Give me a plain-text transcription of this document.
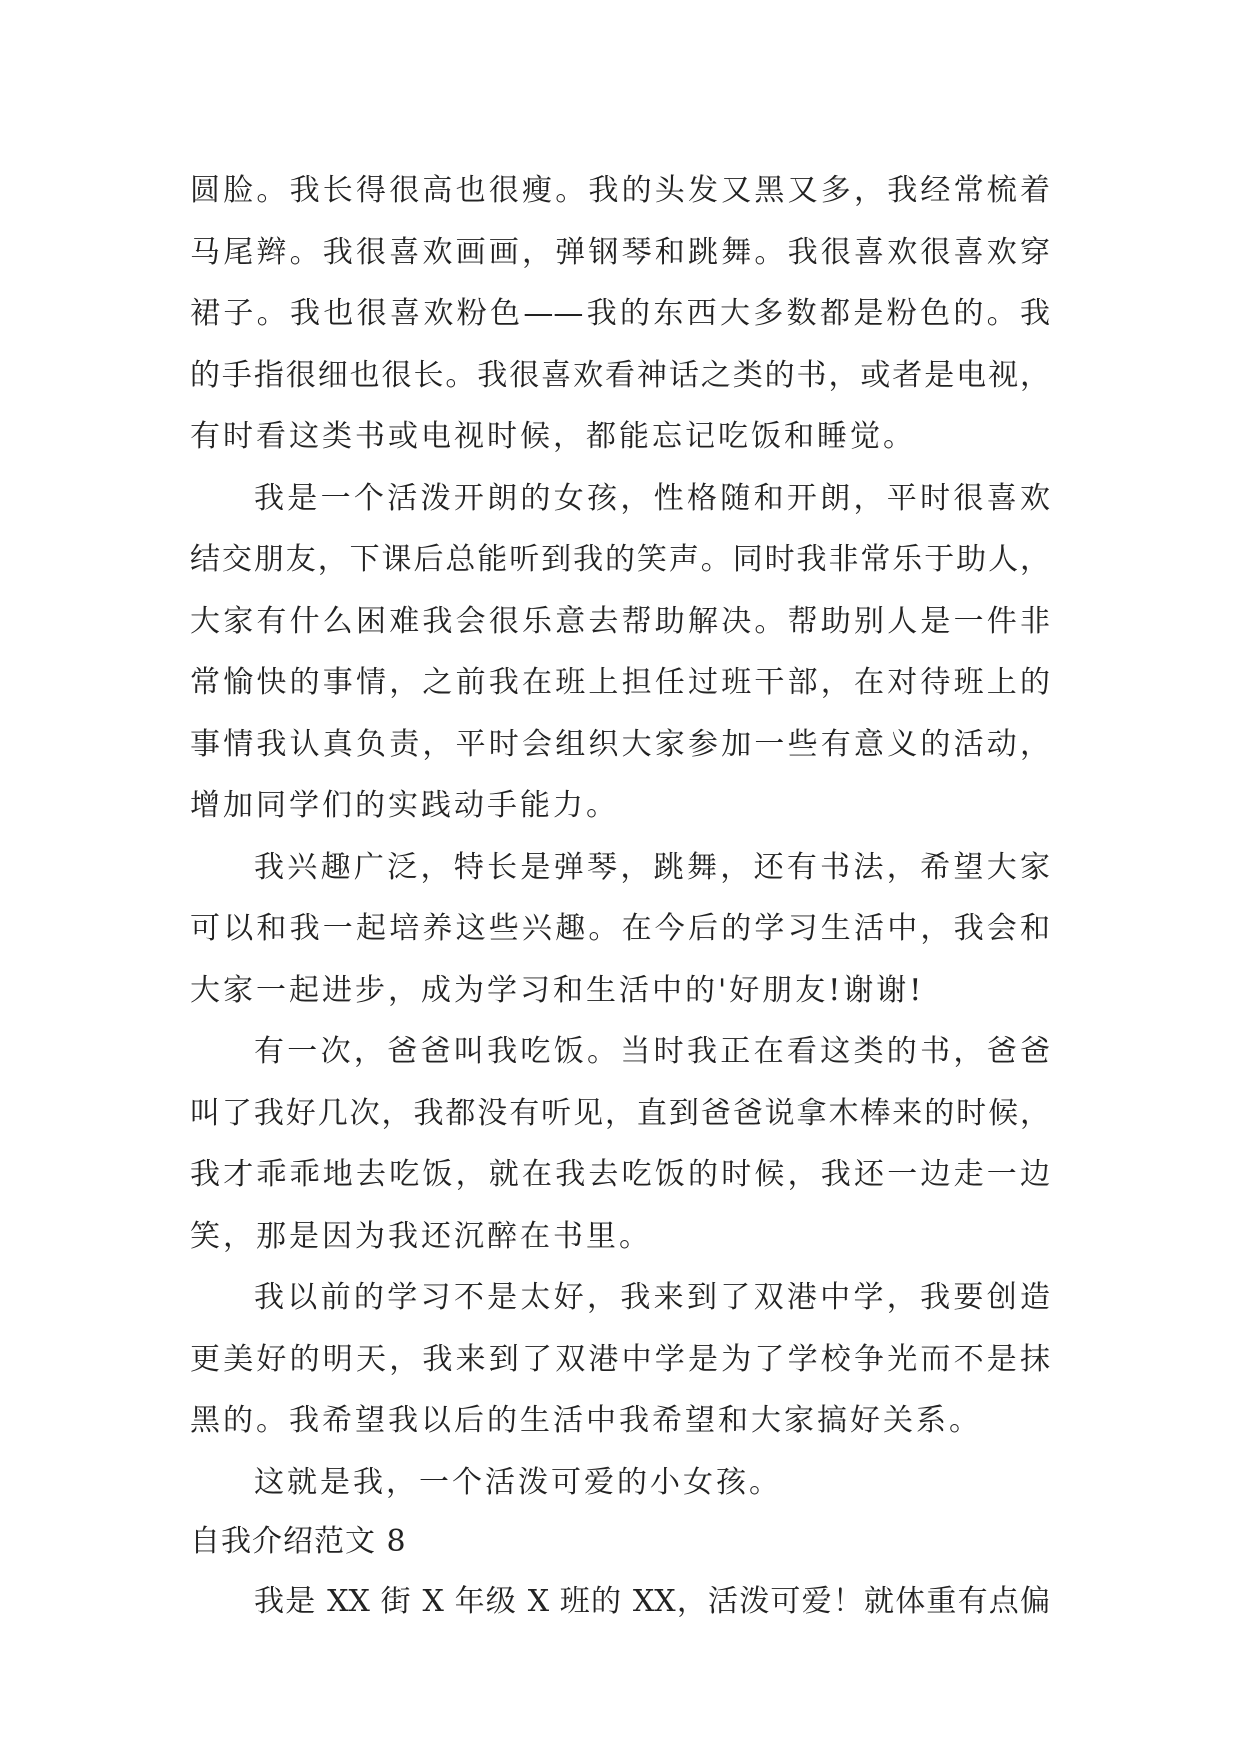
圆脸。我长得很高也很瘦。我的头发又黑又多，我经常梳着
马尾辫。我很喜欢画画，弹钢琴和跳舞。我很喜欢很喜欢穿
裙子。我也很喜欢粉色——我的东西大多数都是粉色的。我
的手指很细也很长。我很喜欢看神话之类的书，或者是电视，
有时看这类书或电视时候，都能忘记吃饭和睡觉。
我是一个活泼开朗的女孩，性格随和开朗，平时很喜欢
结交朋友，下课后总能听到我的笑声。同时我非常乐于助人，
大家有什么困难我会很乐意去帮助解决。帮助别人是一件非
常愉快的事情，之前我在班上担任过班干部，在对待班上的
事情我认真负责，平时会组织大家参加一些有意义的活动，
增加同学们的实践动手能力。
我兴趣广泛，特长是弹琴，跳舞，还有书法，希望大家
可以和我一起培养这些兴趣。在今后的学习生活中，我会和
大家一起进步，成为学习和生活中的'好朋友!谢谢!
有一次，爸爸叫我吃饭。当时我正在看这类的书，爸爸
叫了我好几次，我都没有听见，直到爸爸说拿木棒来的时候，
我才乖乖地去吃饭，就在我去吃饭的时候，我还一边走一边
笑，那是因为我还沉醉在书里。
我以前的学习不是太好，我来到了双港中学，我要创造
更美好的明天，我来到了双港中学是为了学校争光而不是抹
黑的。我希望我以后的生活中我希望和大家搞好关系。
这就是我，一个活泼可爱的小女孩。
自我介绍范文 8
我是 XX 街 X 年级 X 班的 XX，活泼可爱！就体重有点偏
